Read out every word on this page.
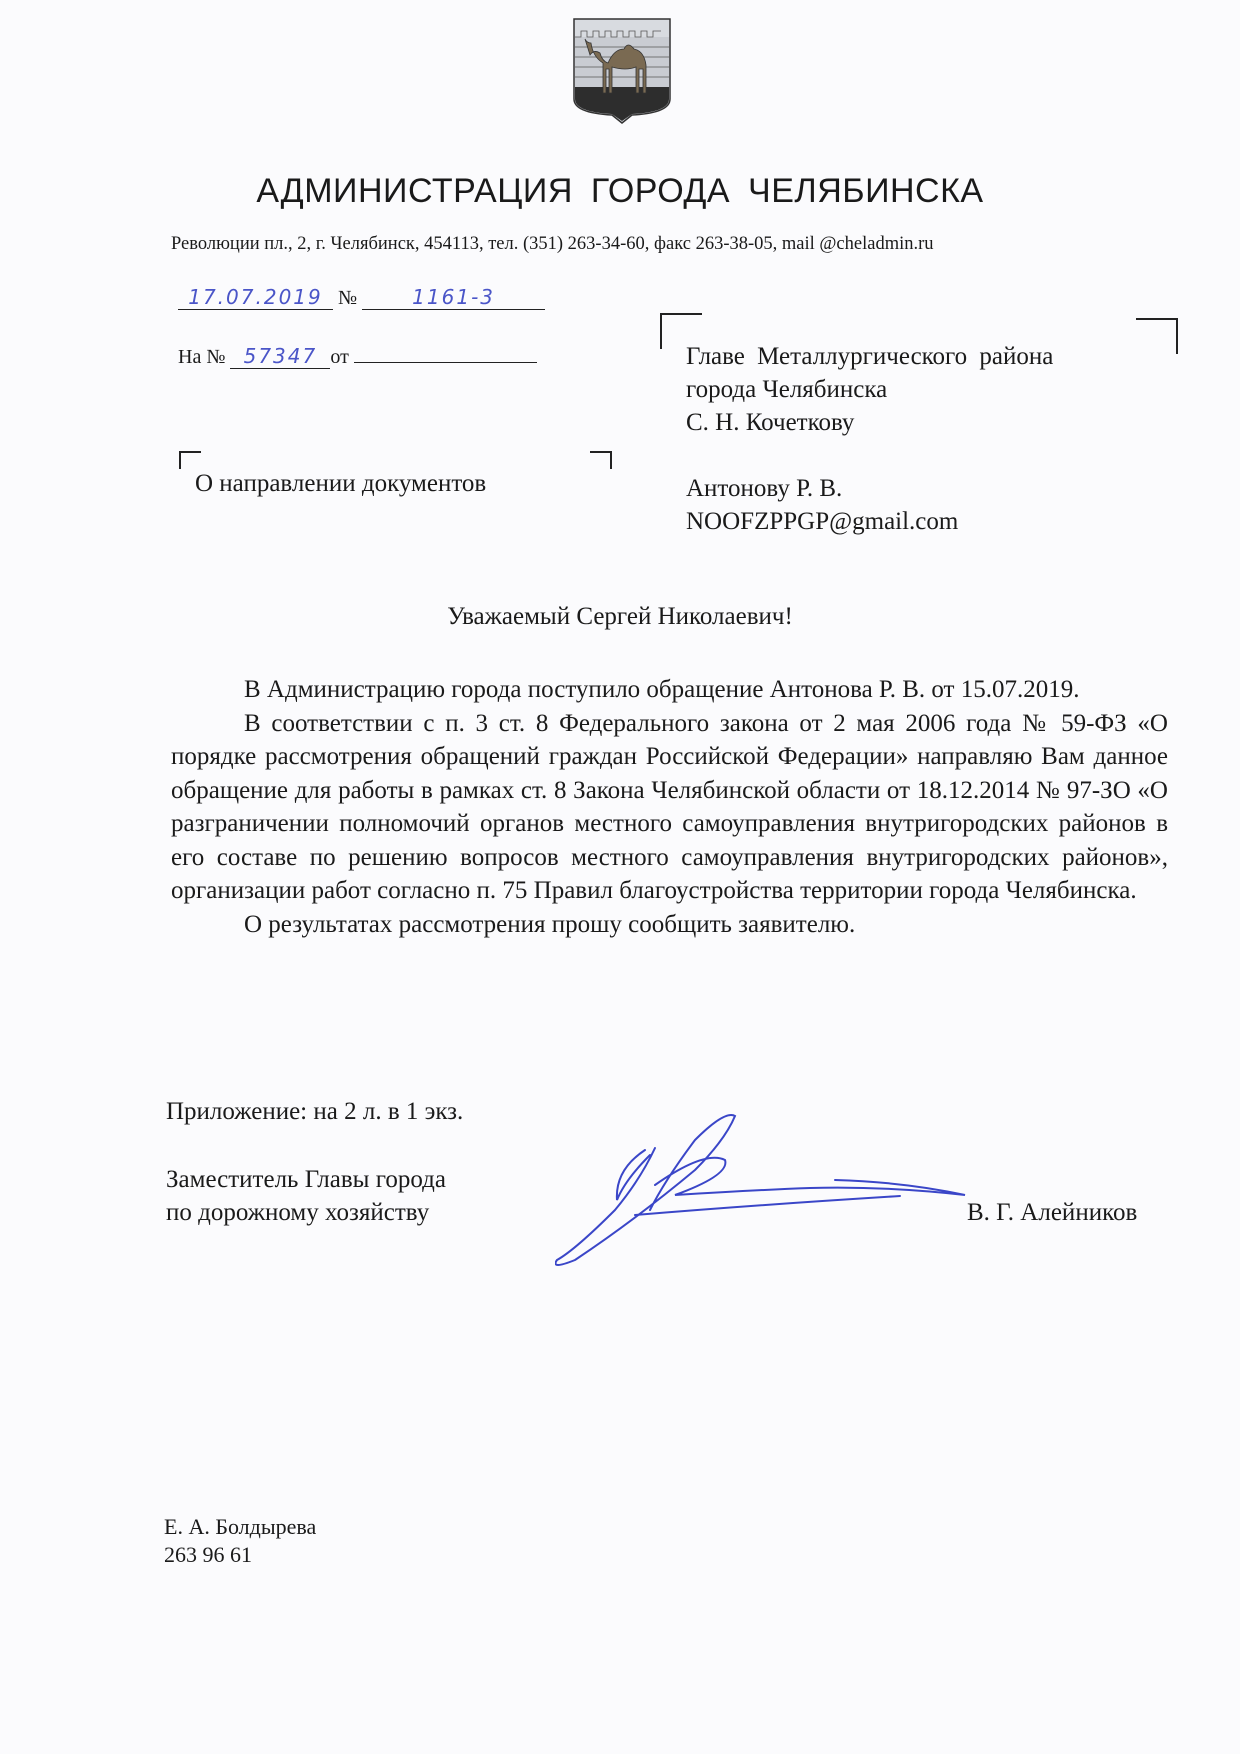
АДМИНИСТРАЦИЯ ГОРОДА ЧЕЛЯБИНСКА
Революции пл., 2, г. Челябинск, 454113, тел. (351) 263-34-60, факс 263-38-05, mail @cheladmin.ru
17.07.2019 №	1161-3
На № 57347 от	Главе Металлургического района
города Челябинска
С. Н. Кочеткову
Антонову Р. В.
NOOFZPPGP@gmail.com
О направлении документов
Уважаемый Сергей Николаевич!

В Администрацию города поступило обращение Антонова Р. В. от 15.07.2019.

В соответствии с п. 3 ст. 8 Федерального закона от 2 мая 2006 года № 59-ФЗ «О порядке рассмотрения обращений граждан Российской Федерации» направляю Вам данное обращение для работы в рамках ст. 8 Закона Челябинской области от 18.12.2014 № 97-ЗО «О разграничении полномочий органов местного самоуправления внутригородских районов в его составе по решению вопросов местного самоуправления внутригородских районов», организации работ согласно п. 75 Правил благоустройства территории города Челябинска.

О результатах рассмотрения прошу сообщить заявителю.

Приложение: на 2 л. в 1 экз.
Заместитель Главы города
по дорожному хозяйству	В. Г. Алейников
Е. А. Болдырева
263 96 61
